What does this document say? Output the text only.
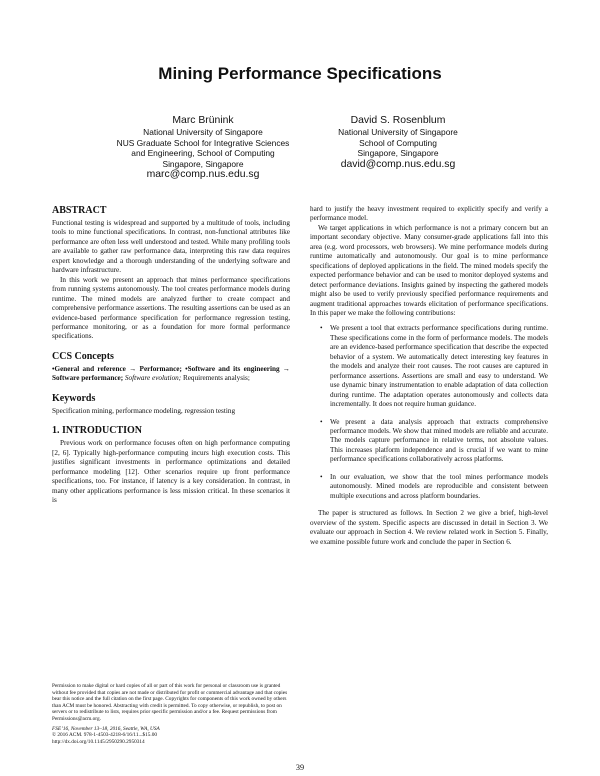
Mining Performance Specifications
Marc Brünink
National University of Singapore
NUS Graduate School for Integrative Sciences
and Engineering, School of Computing
Singapore, Singapore
marc@comp.nus.edu.sg
David S. Rosenblum
National University of Singapore
School of Computing
Singapore, Singapore
david@comp.nus.edu.sg
ABSTRACT

Functional testing is widespread and supported by a multitude of tools, including tools to mine functional specifications. In contrast, non-functional attributes like performance are often less well understood and tested. While many profiling tools are available to gather raw performance data, interpreting this raw data requires expert knowledge and a thorough understanding of the underlying software and hardware infrastructure.

In this work we present an approach that mines performance specifications from running systems autonomously. The tool creates performance models during runtime. The mined models are analyzed further to create compact and comprehensive performance assertions. The resulting assertions can be used as an evidence-based performance specification for performance regression testing, performance monitoring, or as a foundation for more formal performance specifications.

CCS Concepts

•General and reference → Performance; •Software and its engineering → Software performance; Software evolution; Requirements analysis;

Keywords

Specification mining, performance modeling, regression testing

1. INTRODUCTION

Previous work on performance focuses often on high performance computing [2, 6]. Typically high-performance computing incurs high execution costs. This justifies significant investments in performance optimizations and detailed performance modeling [12]. Other scenarios require up front performance specifications, too. For instance, if latency is a key consideration. In contrast, in many other applications performance is less mission critical. In these scenarios it is

hard to justify the heavy investment required to explicitly specify and verify a performance model.

We target applications in which performance is not a primary concern but an important secondary objective. Many consumer-grade applications fall into this area (e.g. word processors, web browsers). We mine performance models during runtime automatically and autonomously. Our goal is to mine performance specifications of deployed applications in the field. The mined models specify the expected performance behavior and can be used to monitor deployed systems and detect performance deviations. Insights gained by inspecting the gathered models might also be used to verify previously specified performance requirements and augment traditional approaches towards elicitation of performance specifications. In this paper we make the following contributions:

• We present a tool that extracts performance specifications during runtime. These specifications come in the form of performance models. The models are an evidence-based performance specification that describe the expected behavior of a system. We automatically detect interesting key features in the models and analyze their root causes. The root causes are captured in performance assertions. Assertions are small and easy to understand. We use dynamic binary instrumentation to enable adaptation of data collection during runtime. The adaptation operates autonomously and collects data incrementally. It does not require human guidance.
• We present a data analysis approach that extracts comprehensive performance models. We show that mined models are reliable and accurate. The models capture performance in relative terms, not absolute values. This increases platform independence and is crucial if we want to mine performance specifications collaboratively across platforms.
• In our evaluation, we show that the tool mines performance models autonomously. Mined models are reproducible and consistent between multiple executions and across platform boundaries.

The paper is structured as follows. In Section 2 we give a brief, high-level overview of the system. Specific aspects are discussed in detail in Section 3. We evaluate our approach in Section 4. We review related work in Section 5. Finally, we examine possible future work and conclude the paper in Section 6.

Permission to make digital or hard copies of all or part of this work for personal or classroom use is granted without fee provided that copies are not made or distributed for profit or commercial advantage and that copies bear this notice and the full citation on the first page. Copyrights for components of this work owned by others than ACM must be honored. Abstracting with credit is permitted. To copy otherwise, or republish, to post on servers or to redistribute to lists, requires prior specific permission and/or a fee. Request permissions from Permissions@acm.org.

FSE’16, November 13–18, 2016, Seattle, WA, USA

© 2016 ACM. 978-1-4503-4218-6/16/11...$15.00

http://dx.doi.org/10.1145/2950290.2950314

39
